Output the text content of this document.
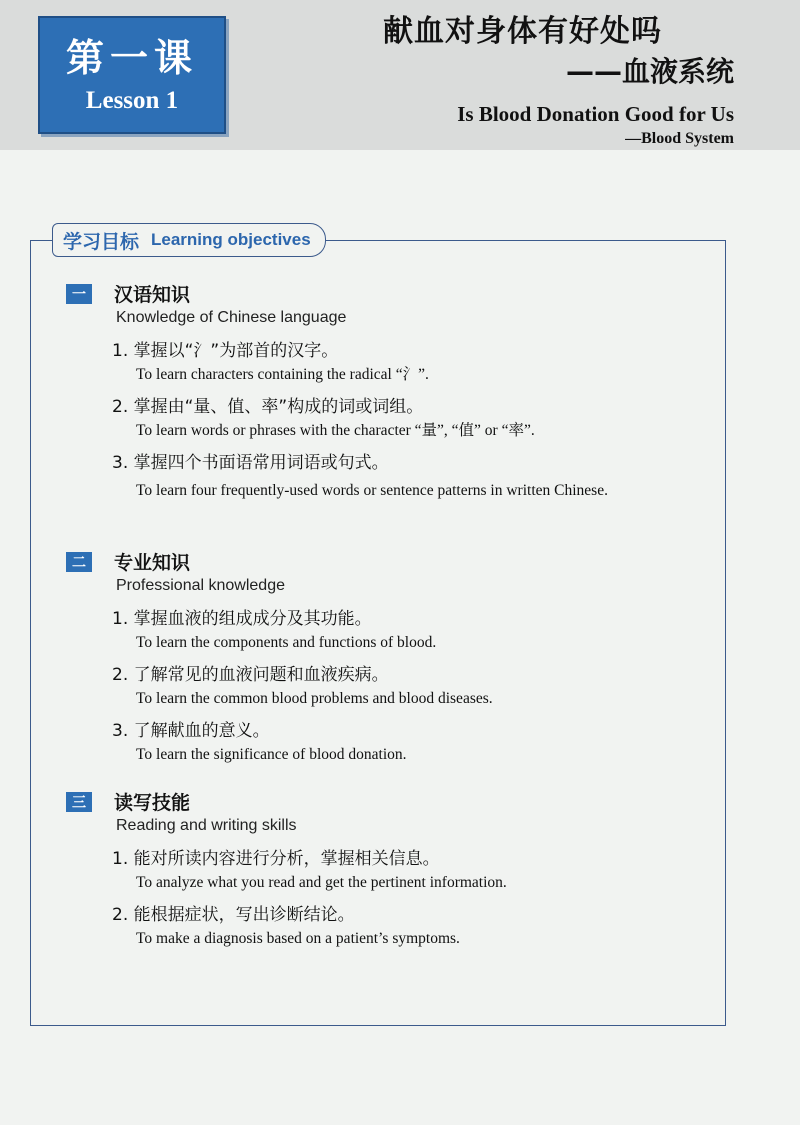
第一课
Lesson 1
献血对身体有好处吗
——血液系统
Is Blood Donation Good for Us
—Blood System
学习目标 Learning objectives
一	汉语知识
Knowledge of Chinese language
1. 掌握以“氵”为部首的汉字。
To learn characters containing the radical “氵”.
2. 掌握由“量、值、率”构成的词或词组。
To learn words or phrases with the character “量”, “值” or “率”.
3. 掌握四个书面语常用词语或句式。
To learn four frequently-used words or sentence patterns in written Chinese.
二	专业知识
Professional knowledge
1. 掌握血液的组成成分及其功能。
To learn the components and functions of blood.
2. 了解常见的血液问题和血液疾病。
To learn the common blood problems and blood diseases.
3. 了解献血的意义。
To learn the significance of blood donation.
三	读写技能
Reading and writing skills
1. 能对所读内容进行分析，掌握相关信息。
To analyze what you read and get the pertinent information.
2. 能根据症状，写出诊断结论。
To make a diagnosis based on a patient’s symptoms.
